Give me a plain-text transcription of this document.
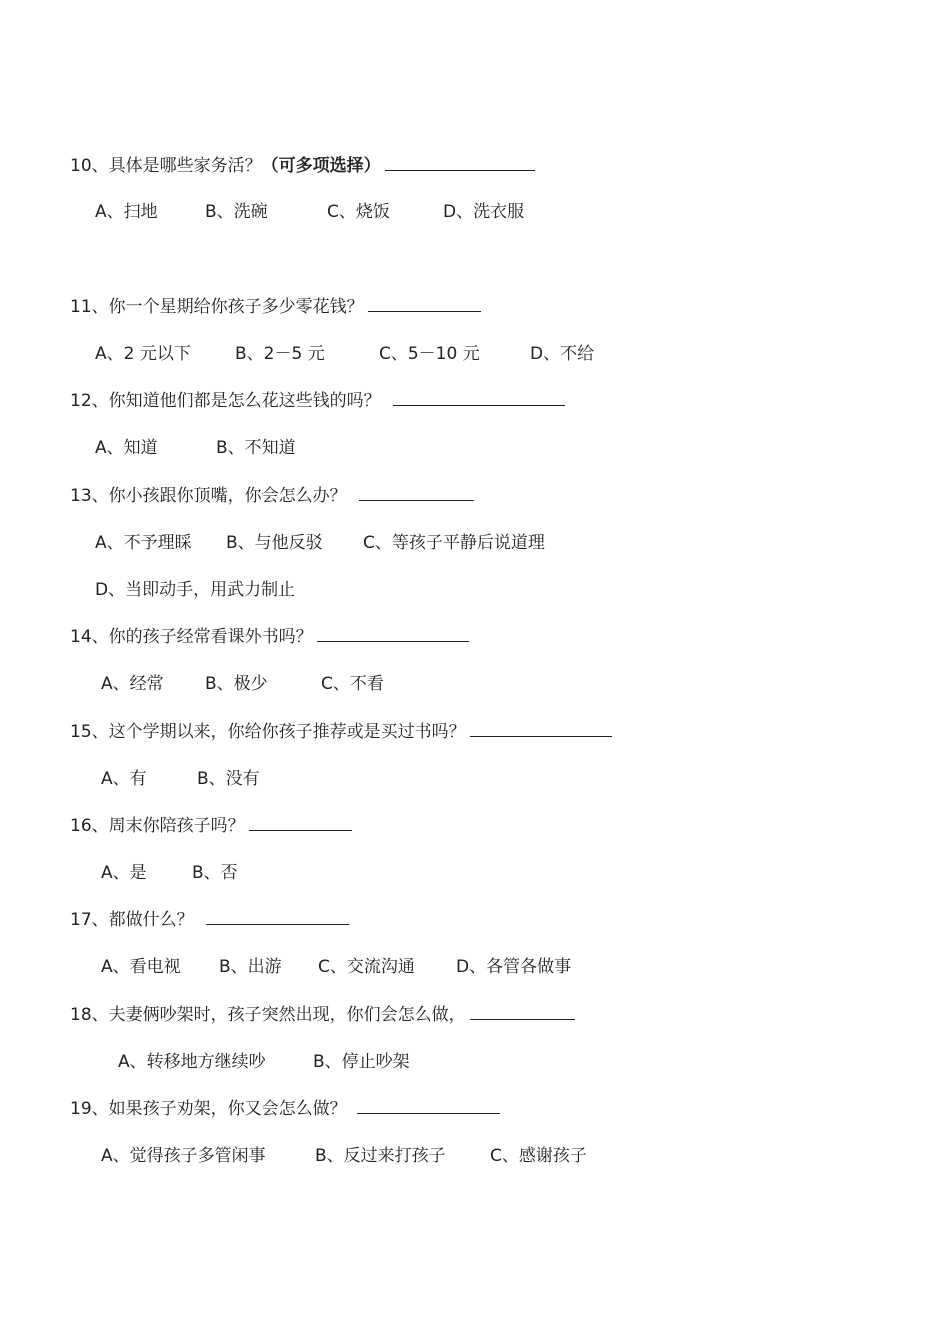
10、具体是哪些家务活？（可多项选择）
A、扫地	B、洗碗	C、烧饭	D、洗衣服
11、你一个星期给你孩子多少零花钱？
A、2 元以下	B、2－5 元	C、5－10 元	D、不给
12、你知道他们都是怎么花这些钱的吗？
A、知道	B、不知道
13、你小孩跟你顶嘴，你会怎么办？
A、不予理睬 B、与他反驳 C、等孩子平静后说道理
D、当即动手，用武力制止
14、你的孩子经常看课外书吗？
A、经常 B、极少	C、不看
15、这个学期以来，你给你孩子推荐或是买过书吗？
A、有	B、没有
16、周末你陪孩子吗？
A、是	B、否
17、都做什么？
A、看电视 B、出游 C、交流沟通 D、各管各做事
18、夫妻俩吵架时，孩子突然出现，你们会怎么做，
A、转移地方继续吵	B、停止吵架
19、如果孩子劝架，你又会怎么做？
A、觉得孩子多管闲事	B、反过来打孩子	C、感谢孩子
